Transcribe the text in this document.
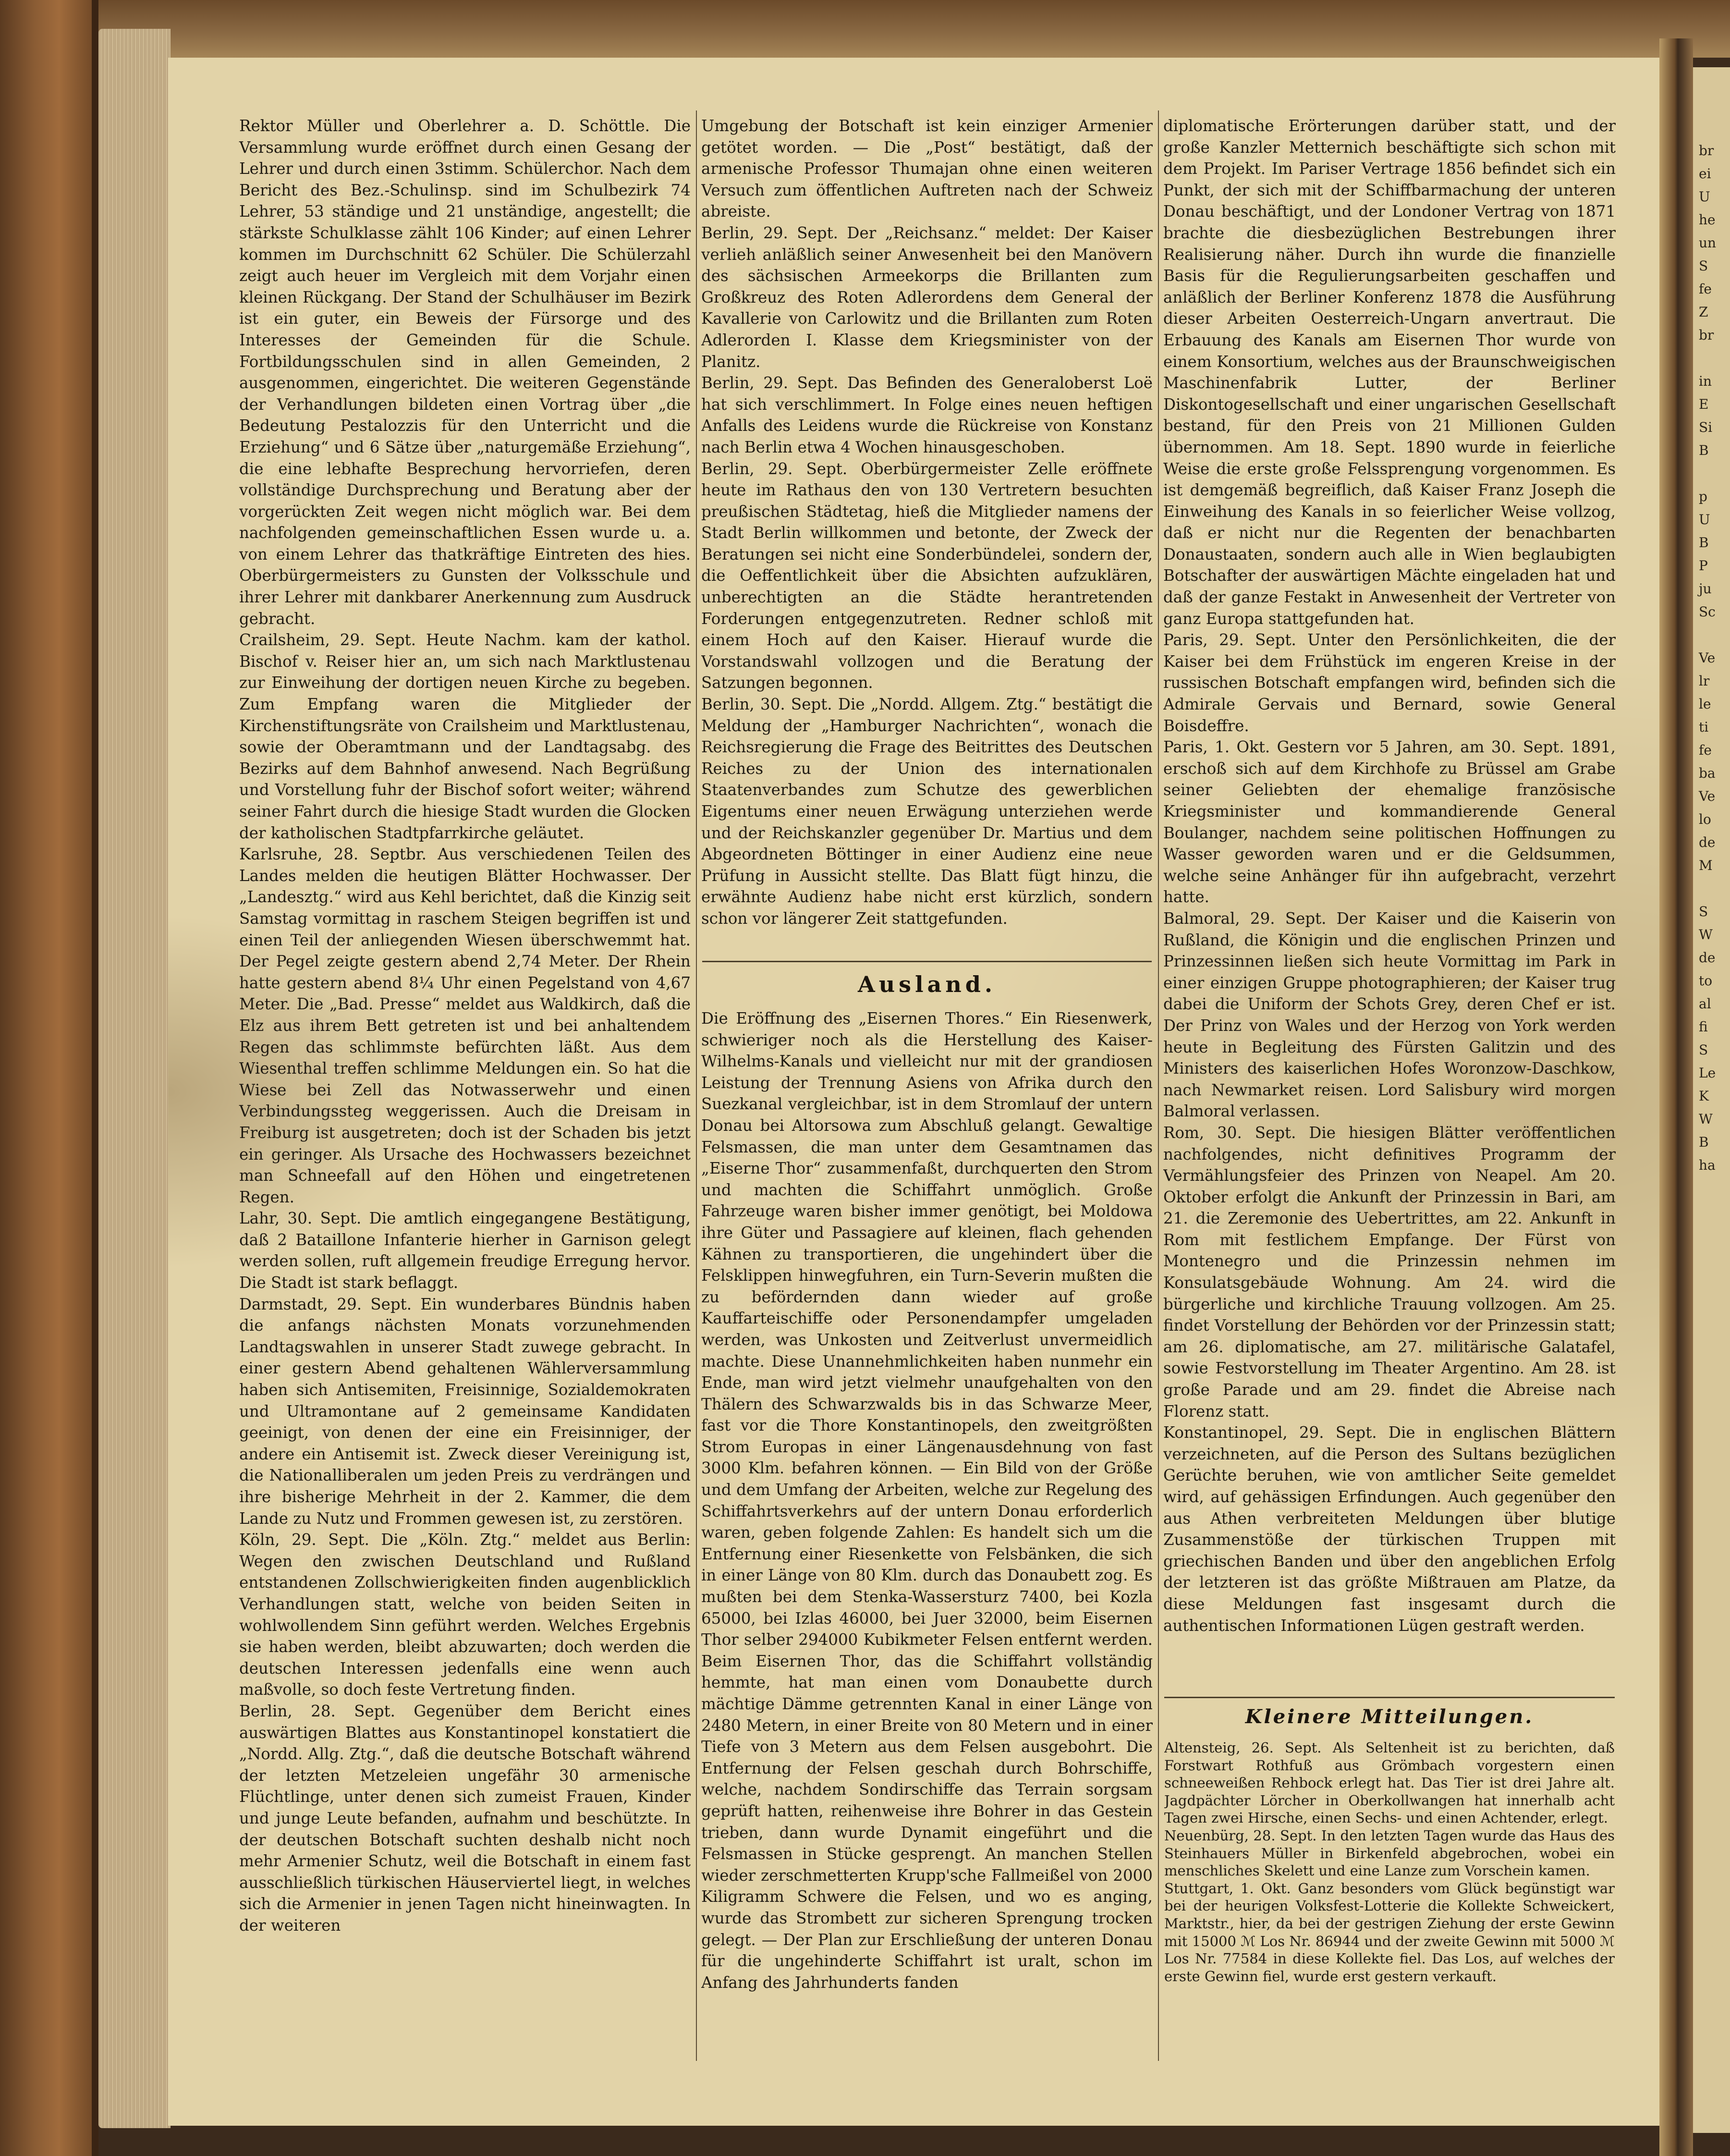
br
ei
U
he
un
S
fe
Z
br
in
E
Si
B
p
U
B
P
ju
Sc
Ve
lr
le
ti
fe
ba
Ve
lo
de
M
S
W
de
to
al
fi
S
Le
K
W
B
ha
Rektor Müller und Oberlehrer a. D. Schöttle. Die Versammlung wurde eröffnet durch einen Gesang der Lehrer und durch einen 3stimm. Schülerchor. Nach dem Bericht des Bez.-Schulinsp. sind im Schulbezirk 74 Lehrer, 53 ständige und 21 unständige, angestellt; die stärkste Schulklasse zählt 106 Kinder; auf einen Lehrer kommen im Durchschnitt 62 Schüler. Die Schülerzahl zeigt auch heuer im Vergleich mit dem Vorjahr einen kleinen Rückgang. Der Stand der Schulhäuser im Bezirk ist ein guter, ein Beweis der Fürsorge und des Interesses der Gemeinden für die Schule. Fortbildungsschulen sind in allen Gemeinden, 2 ausgenommen, eingerichtet. Die weiteren Gegenstände der Verhandlungen bildeten einen Vortrag über „die Bedeutung Pestalozzis für den Unterricht und die Erziehung“ und 6 Sätze über „naturgemäße Erziehung“, die eine lebhafte Besprechung hervorriefen, deren vollständige Durchsprechung und Beratung aber der vorgerückten Zeit wegen nicht möglich war. Bei dem nachfolgenden gemeinschaftlichen Essen wurde u. a. von einem Lehrer das thatkräftige Eintreten des hies. Oberbürgermeisters zu Gunsten der Volksschule und ihrer Lehrer mit dankbarer Anerkennung zum Ausdruck gebracht.
Crailsheim, 29. Sept. Heute Nachm. kam der kathol. Bischof v. Reiser hier an, um sich nach Marktlustenau zur Einweihung der dortigen neuen Kirche zu begeben. Zum Empfang waren die Mitglieder der Kirchenstiftungsräte von Crailsheim und Marktlustenau, sowie der Oberamtmann und der Landtagsabg. des Bezirks auf dem Bahnhof anwesend. Nach Begrüßung und Vorstellung fuhr der Bischof sofort weiter; während seiner Fahrt durch die hiesige Stadt wurden die Glocken der katholischen Stadtpfarrkirche geläutet.
Karlsruhe, 28. Septbr. Aus verschiedenen Teilen des Landes melden die heutigen Blätter Hochwasser. Der „Landesztg.“ wird aus Kehl berichtet, daß die Kinzig seit Samstag vormittag in raschem Steigen begriffen ist und einen Teil der anliegenden Wiesen überschwemmt hat. Der Pegel zeigte gestern abend 2,74 Meter. Der Rhein hatte gestern abend 8¼ Uhr einen Pegelstand von 4,67 Meter. Die „Bad. Presse“ meldet aus Waldkirch, daß die Elz aus ihrem Bett getreten ist und bei anhaltendem Regen das schlimmste befürchten läßt. Aus dem Wiesenthal treffen schlimme Meldungen ein. So hat die Wiese bei Zell das Notwasserwehr und einen Verbindungssteg weggerissen. Auch die Dreisam in Freiburg ist ausgetreten; doch ist der Schaden bis jetzt ein geringer. Als Ursache des Hochwassers bezeichnet man Schneefall auf den Höhen und eingetretenen Regen.
Lahr, 30. Sept. Die amtlich eingegangene Bestätigung, daß 2 Bataillone Infanterie hierher in Garnison gelegt werden sollen, ruft allgemein freudige Erregung hervor. Die Stadt ist stark beflaggt.
Darmstadt, 29. Sept. Ein wunderbares Bündnis haben die anfangs nächsten Monats vorzunehmenden Landtagswahlen in unserer Stadt zuwege gebracht. In einer gestern Abend gehaltenen Wählerversammlung haben sich Antisemiten, Freisinnige, Sozialdemokraten und Ultramontane auf 2 gemeinsame Kandidaten geeinigt, von denen der eine ein Freisinniger, der andere ein Antisemit ist. Zweck dieser Vereinigung ist, die Nationalliberalen um jeden Preis zu verdrängen und ihre bisherige Mehrheit in der 2. Kammer, die dem Lande zu Nutz und Frommen gewesen ist, zu zerstören.
Köln, 29. Sept. Die „Köln. Ztg.“ meldet aus Berlin: Wegen den zwischen Deutschland und Rußland entstandenen Zollschwierigkeiten finden augenblicklich Verhandlungen statt, welche von beiden Seiten in wohlwollendem Sinn geführt werden. Welches Ergebnis sie haben werden, bleibt abzuwarten; doch werden die deutschen Interessen jedenfalls eine wenn auch maßvolle, so doch feste Vertretung finden.
Berlin, 28. Sept. Gegenüber dem Bericht eines auswärtigen Blattes aus Konstantinopel konstatiert die „Nordd. Allg. Ztg.“, daß die deutsche Botschaft während der letzten Metzeleien ungefähr 30 armenische Flüchtlinge, unter denen sich zumeist Frauen, Kinder und junge Leute befanden, aufnahm und beschützte. In der deutschen Botschaft suchten deshalb nicht noch mehr Armenier Schutz, weil die Botschaft in einem fast ausschließlich türkischen Häuserviertel liegt, in welches sich die Armenier in jenen Tagen nicht hineinwagten. In der weiteren
Umgebung der Botschaft ist kein einziger Armenier getötet worden. — Die „Post“ bestätigt, daß der armenische Professor Thumajan ohne einen weiteren Versuch zum öffentlichen Auftreten nach der Schweiz abreiste.
Berlin, 29. Sept. Der „Reichsanz.“ meldet: Der Kaiser verlieh anläßlich seiner Anwesenheit bei den Manövern des sächsischen Armeekorps die Brillanten zum Großkreuz des Roten Adlerordens dem General der Kavallerie von Carlowitz und die Brillanten zum Roten Adlerorden I. Klasse dem Kriegsminister von der Planitz.
Berlin, 29. Sept. Das Befinden des Generaloberst Loë hat sich verschlimmert. In Folge eines neuen heftigen Anfalls des Leidens wurde die Rückreise von Konstanz nach Berlin etwa 4 Wochen hinausgeschoben.
Berlin, 29. Sept. Oberbürgermeister Zelle eröffnete heute im Rathaus den von 130 Vertretern besuchten preußischen Städtetag, hieß die Mitglieder namens der Stadt Berlin willkommen und betonte, der Zweck der Beratungen sei nicht eine Sonderbündelei, sondern der, die Oeffentlichkeit über die Absichten aufzuklären, unberechtigten an die Städte herantretenden Forderungen entgegenzutreten. Redner schloß mit einem Hoch auf den Kaiser. Hierauf wurde die Vorstandswahl vollzogen und die Beratung der Satzungen begonnen.
Berlin, 30. Sept. Die „Nordd. Allgem. Ztg.“ bestätigt die Meldung der „Hamburger Nachrichten“, wonach die Reichsregierung die Frage des Beitrittes des Deutschen Reiches zu der Union des internationalen Staatenverbandes zum Schutze des gewerblichen Eigentums einer neuen Erwägung unterziehen werde und der Reichskanzler gegenüber Dr. Martius und dem Abgeordneten Böttinger in einer Audienz eine neue Prüfung in Aussicht stellte. Das Blatt fügt hinzu, die erwähnte Audienz habe nicht erst kürzlich, sondern schon vor längerer Zeit stattgefunden.
Ausland.
Die Eröffnung des „Eisernen Thores.“ Ein Riesenwerk, schwieriger noch als die Herstellung des Kaiser-Wilhelms-Kanals und vielleicht nur mit der grandiosen Leistung der Trennung Asiens von Afrika durch den Suezkanal vergleichbar, ist in dem Stromlauf der untern Donau bei Altorsowa zum Abschluß gelangt. Gewaltige Felsmassen, die man unter dem Gesamtnamen das „Eiserne Thor“ zusammenfaßt, durchquerten den Strom und machten die Schiffahrt unmöglich. Große Fahrzeuge waren bisher immer genötigt, bei Moldowa ihre Güter und Passagiere auf kleinen, flach gehenden Kähnen zu transportieren, die ungehindert über die Felsklippen hinwegfuhren, ein Turn-Severin mußten die zu befördernden dann wieder auf große Kauffarteischiffe oder Personendampfer umgeladen werden, was Unkosten und Zeitverlust unvermeidlich machte. Diese Unannehmlichkeiten haben nunmehr ein Ende, man wird jetzt vielmehr unaufgehalten von den Thälern des Schwarzwalds bis in das Schwarze Meer, fast vor die Thore Konstantinopels, den zweitgrößten Strom Europas in einer Längenausdehnung von fast 3000 Klm. befahren können. — Ein Bild von der Größe und dem Umfang der Arbeiten, welche zur Regelung des Schiffahrtsverkehrs auf der untern Donau erforderlich waren, geben folgende Zahlen: Es handelt sich um die Entfernung einer Riesenkette von Felsbänken, die sich in einer Länge von 80 Klm. durch das Donaubett zog. Es mußten bei dem Stenka-Wassersturz 7400, bei Kozla 65000, bei Izlas 46000, bei Juer 32000, beim Eisernen Thor selber 294000 Kubikmeter Felsen entfernt werden. Beim Eisernen Thor, das die Schiffahrt vollständig hemmte, hat man einen vom Donaubette durch mächtige Dämme getrennten Kanal in einer Länge von 2480 Metern, in einer Breite von 80 Metern und in einer Tiefe von 3 Metern aus dem Felsen ausgebohrt. Die Entfernung der Felsen geschah durch Bohrschiffe, welche, nachdem Sondirschiffe das Terrain sorgsam geprüft hatten, reihenweise ihre Bohrer in das Gestein trieben, dann wurde Dynamit eingeführt und die Felsmassen in Stücke gesprengt. An manchen Stellen wieder zerschmetterten Krupp'sche Fallmeißel von 2000 Kiligramm Schwere die Felsen, und wo es anging, wurde das Strombett zur sicheren Sprengung trocken gelegt. — Der Plan zur Erschließung der unteren Donau für die ungehinderte Schiffahrt ist uralt, schon im Anfang des Jahrhunderts fanden
diplomatische Erörterungen darüber statt, und der große Kanzler Metternich beschäftigte sich schon mit dem Projekt. Im Pariser Vertrage 1856 befindet sich ein Punkt, der sich mit der Schiffbarmachung der unteren Donau beschäftigt, und der Londoner Vertrag von 1871 brachte die diesbezüglichen Bestrebungen ihrer Realisierung näher. Durch ihn wurde die finanzielle Basis für die Regulierungsarbeiten geschaffen und anläßlich der Berliner Konferenz 1878 die Ausführung dieser Arbeiten Oesterreich-Ungarn anvertraut. Die Erbauung des Kanals am Eisernen Thor wurde von einem Konsortium, welches aus der Braunschweigischen Maschinenfabrik Lutter, der Berliner Diskontogesellschaft und einer ungarischen Gesellschaft bestand, für den Preis von 21 Millionen Gulden übernommen. Am 18. Sept. 1890 wurde in feierliche Weise die erste große Felssprengung vorgenommen. Es ist demgemäß begreiflich, daß Kaiser Franz Joseph die Einweihung des Kanals in so feierlicher Weise vollzog, daß er nicht nur die Regenten der benachbarten Donaustaaten, sondern auch alle in Wien beglaubigten Botschafter der auswärtigen Mächte eingeladen hat und daß der ganze Festakt in Anwesenheit der Vertreter von ganz Europa stattgefunden hat.
Paris, 29. Sept. Unter den Persönlichkeiten, die der Kaiser bei dem Frühstück im engeren Kreise in der russischen Botschaft empfangen wird, befinden sich die Admirale Gervais und Bernard, sowie General Boisdeffre.
Paris, 1. Okt. Gestern vor 5 Jahren, am 30. Sept. 1891, erschoß sich auf dem Kirchhofe zu Brüssel am Grabe seiner Geliebten der ehemalige französische Kriegsminister und kommandierende General Boulanger, nachdem seine politischen Hoffnungen zu Wasser geworden waren und er die Geldsummen, welche seine Anhänger für ihn aufgebracht, verzehrt hatte.
Balmoral, 29. Sept. Der Kaiser und die Kaiserin von Rußland, die Königin und die englischen Prinzen und Prinzessinnen ließen sich heute Vormittag im Park in einer einzigen Gruppe photographieren; der Kaiser trug dabei die Uniform der Schots Grey, deren Chef er ist. Der Prinz von Wales und der Herzog von York werden heute in Begleitung des Fürsten Galitzin und des Ministers des kaiserlichen Hofes Woronzow-Daschkow, nach Newmarket reisen. Lord Salisbury wird morgen Balmoral verlassen.
Rom, 30. Sept. Die hiesigen Blätter veröffentlichen nachfolgendes, nicht definitives Programm der Vermählungsfeier des Prinzen von Neapel. Am 20. Oktober erfolgt die Ankunft der Prinzessin in Bari, am 21. die Zeremonie des Uebertrittes, am 22. Ankunft in Rom mit festlichem Empfange. Der Fürst von Montenegro und die Prinzessin nehmen im Konsulatsgebäude Wohnung. Am 24. wird die bürgerliche und kirchliche Trauung vollzogen. Am 25. findet Vorstellung der Behörden vor der Prinzessin statt; am 26. diplomatische, am 27. militärische Galatafel, sowie Festvorstellung im Theater Argentino. Am 28. ist große Parade und am 29. findet die Abreise nach Florenz statt.
Konstantinopel, 29. Sept. Die in englischen Blättern verzeichneten, auf die Person des Sultans bezüglichen Gerüchte beruhen, wie von amtlicher Seite gemeldet wird, auf gehässigen Erfindungen. Auch gegenüber den aus Athen verbreiteten Meldungen über blutige Zusammenstöße der türkischen Truppen mit griechischen Banden und über den angeblichen Erfolg der letzteren ist das größte Mißtrauen am Platze, da diese Meldungen fast insgesamt durch die authentischen Informationen Lügen gestraft werden.
Kleinere Mitteilungen.
Altensteig, 26. Sept. Als Seltenheit ist zu berichten, daß Forstwart Rothfuß aus Grömbach vorgestern einen schneeweißen Rehbock erlegt hat. Das Tier ist drei Jahre alt. Jagdpächter Lörcher in Oberkollwangen hat innerhalb acht Tagen zwei Hirsche, einen Sechs- und einen Achtender, erlegt.
Neuenbürg, 28. Sept. In den letzten Tagen wurde das Haus des Steinhauers Müller in Birkenfeld abgebrochen, wobei ein menschliches Skelett und eine Lanze zum Vorschein kamen.
Stuttgart, 1. Okt. Ganz besonders vom Glück begünstigt war bei der heurigen Volksfest-Lotterie die Kollekte Schweickert, Marktstr., hier, da bei der gestrigen Ziehung der erste Gewinn mit 15000 ℳ Los Nr. 86944 und der zweite Gewinn mit 5000 ℳ Los Nr. 77584 in diese Kollekte fiel. Das Los, auf welches der erste Gewinn fiel, wurde erst gestern verkauft.
